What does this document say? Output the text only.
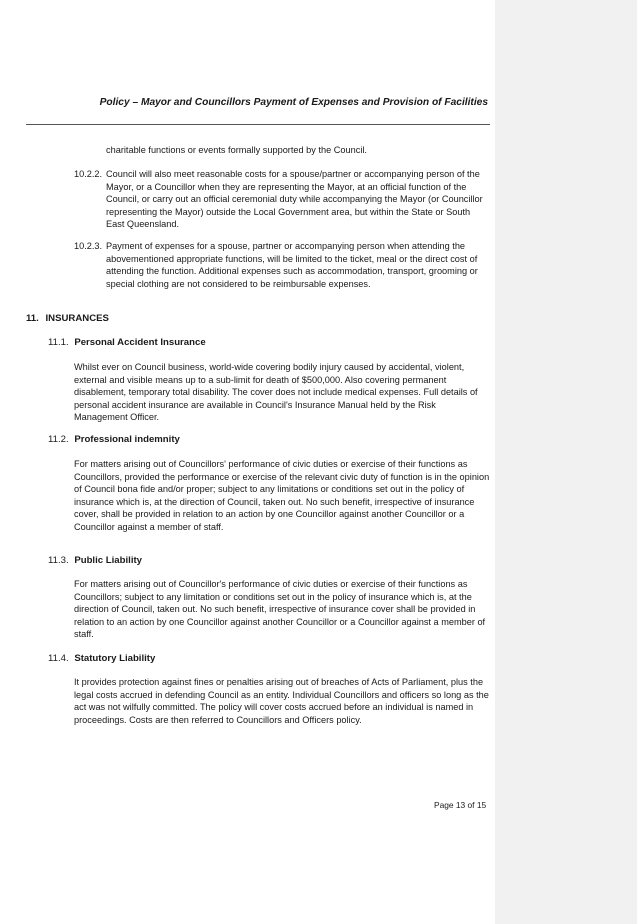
Policy – Mayor and Councillors Payment of Expenses and Provision of Facilities
charitable functions or events formally supported by the Council.
10.2.2. Council will also meet reasonable costs for a spouse/partner or accompanying person of the Mayor, or a Councillor when they are representing the Mayor, at an official function of the Council, or carry out an official ceremonial duty while accompanying the Mayor (or Councillor representing the Mayor) outside the Local Government area, but within the State or South East Queensland.
10.2.3. Payment of expenses for a spouse, partner or accompanying person when attending the abovementioned appropriate functions, will be limited to the ticket, meal or the direct cost of attending the function. Additional expenses such as accommodation, transport, grooming or special clothing are not considered to be reimbursable expenses.
11. INSURANCES
11.1. Personal Accident Insurance
Whilst ever on Council business, world-wide covering bodily injury caused by accidental, violent, external and visible means up to a sub-limit for death of $500,000. Also covering permanent disablement, temporary total disability. The cover does not include medical expenses. Full details of personal accident insurance are available in Council's Insurance Manual held by the Risk Management Officer.
11.2. Professional indemnity
For matters arising out of Councillors' performance of civic duties or exercise of their functions as Councillors, provided the performance or exercise of the relevant civic duty of function is in the opinion of Council bona fide and/or proper; subject to any limitations or conditions set out in the policy of insurance which is, at the direction of Council, taken out. No such benefit, irrespective of insurance cover, shall be provided in relation to an action by one Councillor against another Councillor or a Councillor against a member of staff.
11.3. Public Liability
For matters arising out of Councillor's performance of civic duties or exercise of their functions as Councillors; subject to any limitation or conditions set out in the policy of insurance which is, at the direction of Council, taken out. No such benefit, irrespective of insurance cover shall be provided in relation to an action by one Councillor against another Councillor or a Councillor against a member of staff.
11.4. Statutory Liability
It provides protection against fines or penalties arising out of breaches of Acts of Parliament, plus the legal costs accrued in defending Council as an entity. Individual Councillors and officers so long as the act was not wilfully committed. The policy will cover costs accrued before an individual is named in proceedings. Costs are then referred to Councillors and Officers policy.
Page 13 of 15
